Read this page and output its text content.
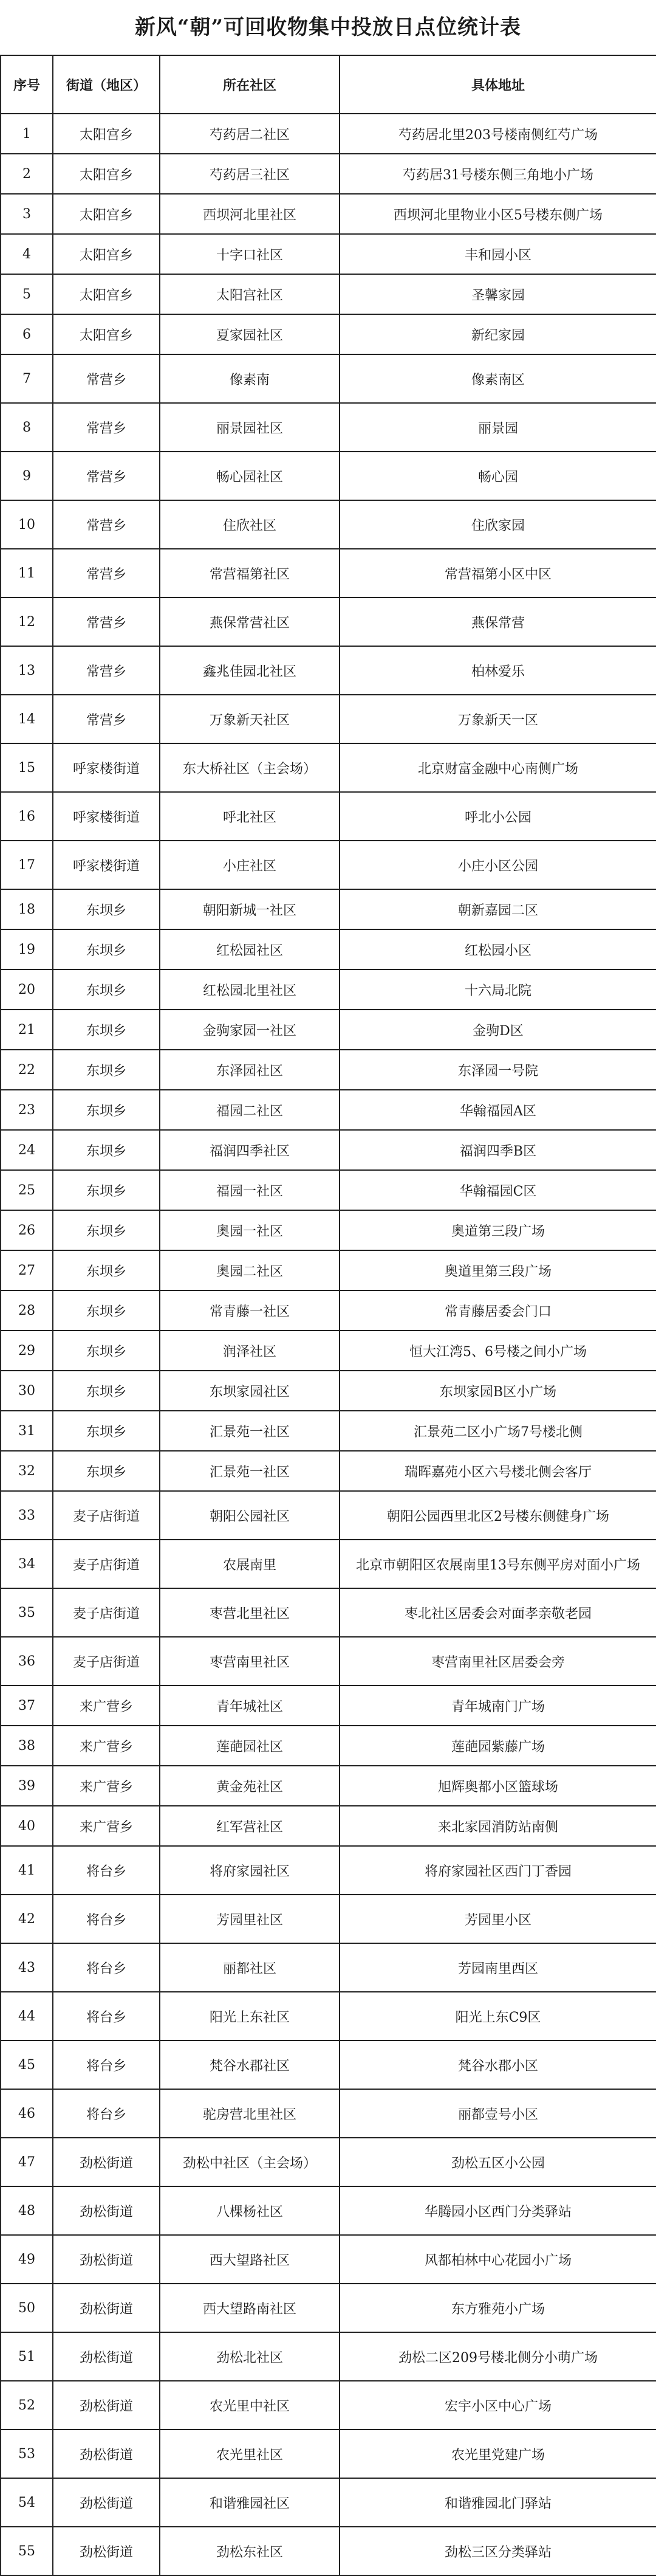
新风“朝”可回收物集中投放日点位统计表
序号	街道（地区）	所在社区	具体地址
1	太阳宫乡	芍药居二社区	芍药居北里203号楼南侧红芍广场
2	太阳宫乡	芍药居三社区	芍药居31号楼东侧三角地小广场
3	太阳宫乡	西坝河北里社区	西坝河北里物业小区5号楼东侧广场
4	太阳宫乡	十字口社区	丰和园小区
5	太阳宫乡	太阳宫社区	圣馨家园
6	太阳宫乡	夏家园社区	新纪家园
7	常营乡	像素南	像素南区
8	常营乡	丽景园社区	丽景园
9	常营乡	畅心园社区	畅心园
10	常营乡	住欣社区	住欣家园
11	常营乡	常营福第社区	常营福第小区中区
12	常营乡	燕保常营社区	燕保常营
13	常营乡	鑫兆佳园北社区	柏林爱乐
14	常营乡	万象新天社区	万象新天一区
15	呼家楼街道	东大桥社区（主会场）	北京财富金融中心南侧广场
16	呼家楼街道	呼北社区	呼北小公园
17	呼家楼街道	小庄社区	小庄小区公园
18	东坝乡	朝阳新城一社区	朝新嘉园二区
19	东坝乡	红松园社区	红松园小区
20	东坝乡	红松园北里社区	十六局北院
21	东坝乡	金驹家园一社区	金驹D区
22	东坝乡	东泽园社区	东泽园一号院
23	东坝乡	福园二社区	华翰福园A区
24	东坝乡	福润四季社区	福润四季B区
25	东坝乡	福园一社区	华翰福园C区
26	东坝乡	奥园一社区	奥道第三段广场
27	东坝乡	奥园二社区	奥道里第三段广场
28	东坝乡	常青藤一社区	常青藤居委会门口
29	东坝乡	润泽社区	恒大江湾5、6号楼之间小广场
30	东坝乡	东坝家园社区	东坝家园B区小广场
31	东坝乡	汇景苑一社区	汇景苑二区小广场7号楼北侧
32	东坝乡	汇景苑一社区	瑞晖嘉苑小区六号楼北侧会客厅
33	麦子店街道	朝阳公园社区	朝阳公园西里北区2号楼东侧健身广场
34	麦子店街道	农展南里	北京市朝阳区农展南里13号东侧平房对面小广场
35	麦子店街道	枣营北里社区	枣北社区居委会对面孝亲敬老园
36	麦子店街道	枣营南里社区	枣营南里社区居委会旁
37	来广营乡	青年城社区	青年城南门广场
38	来广营乡	莲葩园社区	莲葩园紫藤广场
39	来广营乡	黄金苑社区	旭辉奥都小区篮球场
40	来广营乡	红军营社区	来北家园消防站南侧
41	将台乡	将府家园社区	将府家园社区西门丁香园
42	将台乡	芳园里社区	芳园里小区
43	将台乡	丽都社区	芳园南里西区
44	将台乡	阳光上东社区	阳光上东C9区
45	将台乡	梵谷水郡社区	梵谷水郡小区
46	将台乡	驼房营北里社区	丽都壹号小区
47	劲松街道	劲松中社区（主会场）	劲松五区小公园
48	劲松街道	八棵杨社区	华腾园小区西门分类驿站
49	劲松街道	西大望路社区	风都柏林中心花园小广场
50	劲松街道	西大望路南社区	东方雅苑小广场
51	劲松街道	劲松北社区	劲松二区209号楼北侧分小萌广场
52	劲松街道	农光里中社区	宏宇小区中心广场
53	劲松街道	农光里社区	农光里党建广场
54	劲松街道	和谐雅园社区	和谐雅园北门驿站
55	劲松街道	劲松东社区	劲松三区分类驿站
